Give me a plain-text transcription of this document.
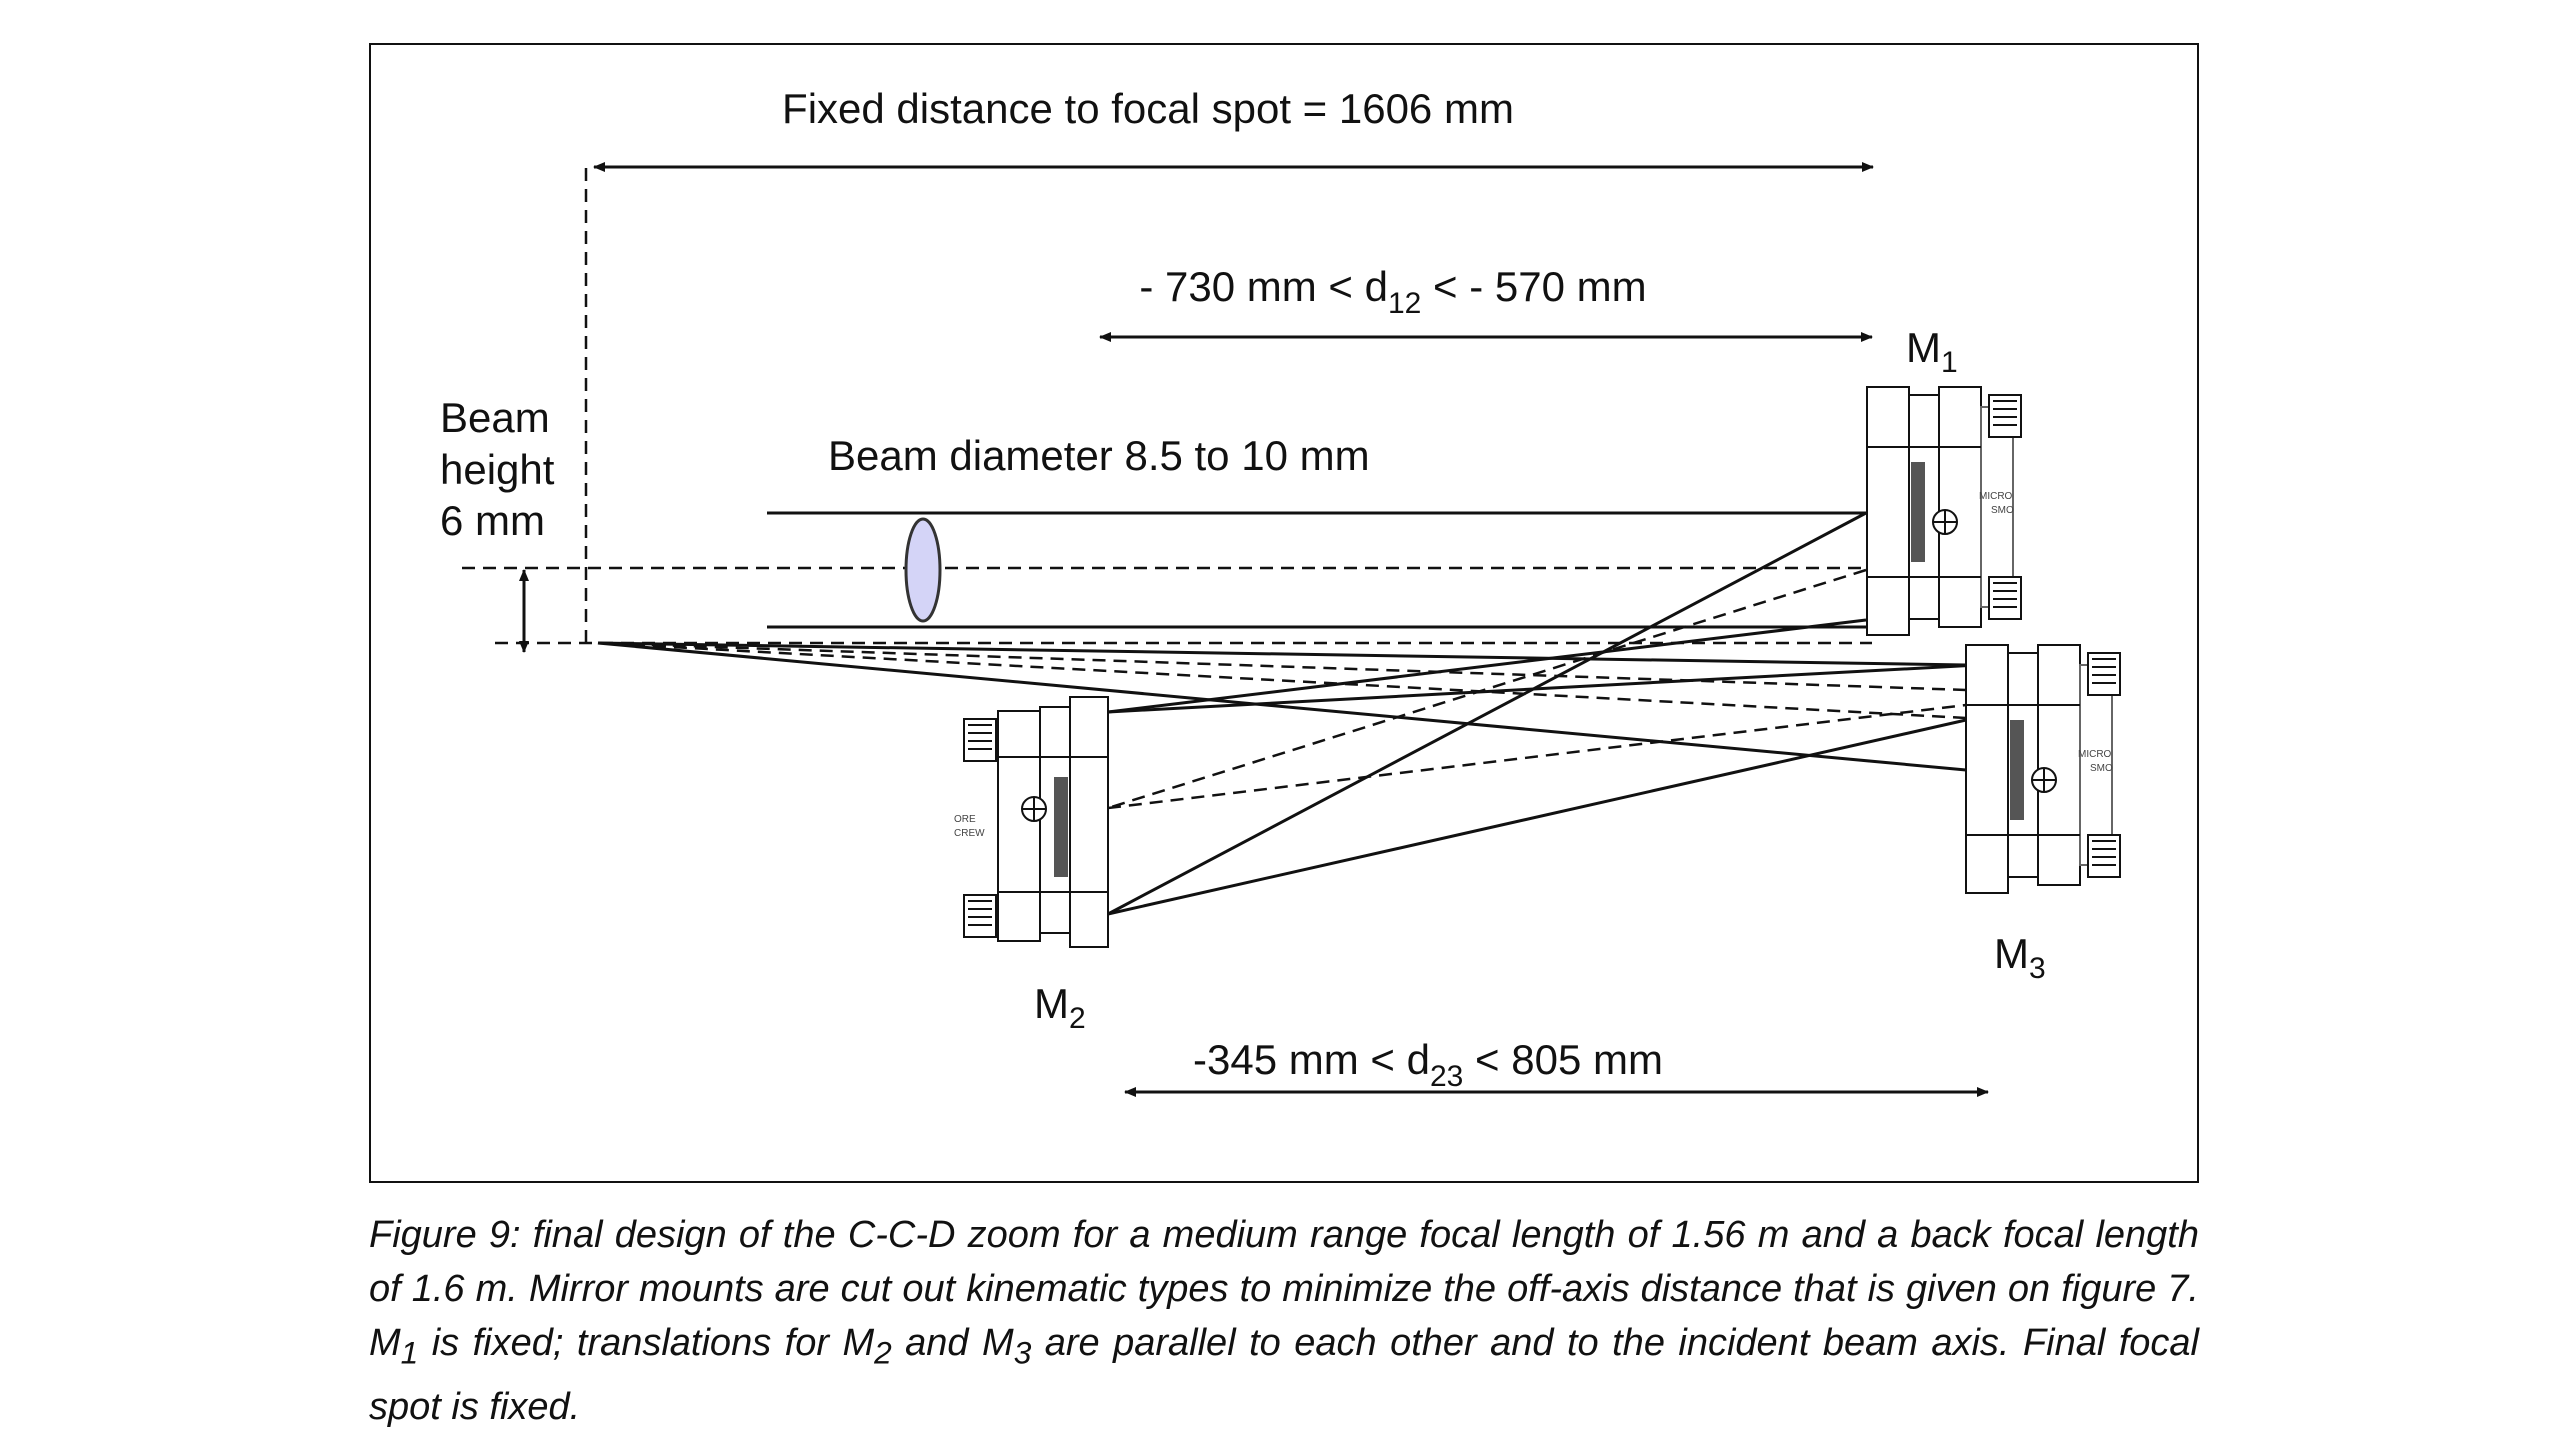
Fixed distance to focal spot = 1606 mm
- 730 mm < $d_{12}$ < - 570 mm
-345 mm < $d_{23} < 805$ mm
Beam
height
6 mm
Beam diameter 8.5 to 10 mm
MICRO
SMO
$M_1$
MICRO
SMO
$M_3$
ORE
CREW
$M_2$

Figure 9: final design of the C-C-D zoom for a medium range focal length of 1.56 m and a back focal length of 1.6 m. Mirror mounts are cut out kinematic types to minimize the off-axis distance that is given on figure 7. $M_1$ is fixed; translations for $M_2$ and $M_3$ are parallel to each other and to the incident beam axis. Final focal spot is fixed.
